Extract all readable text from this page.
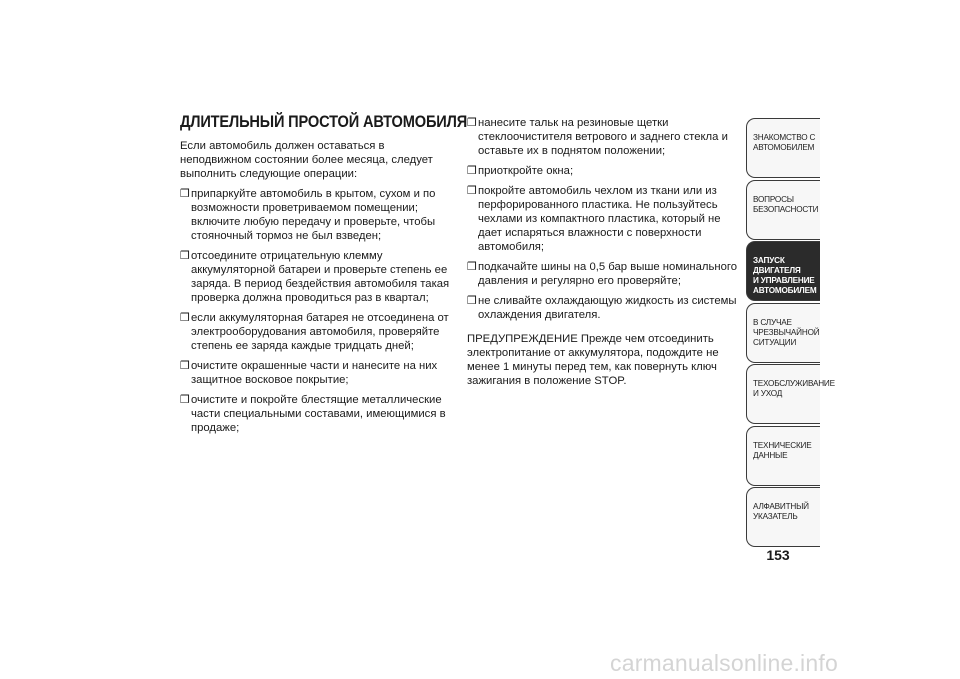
ДЛИТЕЛЬНЫЙ ПРОСТОЙ АВТОМОБИЛЯ

Если автомобиль должен оставаться в неподвижном состоянии более месяца, следует выполнить следующие операции:

❒ припаркуйте автомобиль в крытом, сухом и по возможности проветриваемом помещении; включите любую передачу и проверьте, чтобы стояночный тормоз не был взведен;
❒ отсоедините отрицательную клемму аккумуляторной батареи и проверьте степень ее заряда. В период бездействия автомобиля такая проверка должна проводиться раз в квартал;
❒ если аккумуляторная батарея не отсоединена от электрооборудования автомобиля, проверяйте степень ее заряда каждые тридцать дней;
❒ очистите окрашенные части и нанесите на них защитное восковое покрытие;
❒ очистите и покройте блестящие металлические части специальными составами, имеющимися в продаже;
❒ нанесите тальк на резиновые щетки стеклоочистителя ветрового и заднего стекла и оставьте их в поднятом положении;
❒ приоткройте окна;
❒ покройте автомобиль чехлом из ткани или из перфорированного пластика. Не пользуйтесь чехлами из компактного пластика, который не дает испаряться влажности с поверхности автомобиля;
❒ подкачайте шины на 0,5 бар выше номинального давления и регулярно его проверяйте;
❒ не сливайте охлаждающую жидкость из системы охлаждения двигателя.

ПРЕДУПРЕЖДЕНИЕ Прежде чем отсоединить электропитание от аккумулятора, подождите не менее 1 минуты перед тем, как повернуть ключ зажигания в положение STOP.

ЗНАКОМСТВО С
АВТОМОБИЛЕМ
ВОПРОСЫ
БЕЗОПАСНОСТИ
ЗАПУСК ДВИГАТЕЛЯ
И УПРАВЛЕНИЕ
АВТОМОБИЛЕМ
В СЛУЧАЕ
ЧРЕЗВЫЧАЙНОЙ
СИТУАЦИИ
ТЕХОБСЛУЖИВАНИЕ
И УХОД
ТЕХНИЧЕСКИЕ
ДАННЫЕ
АЛФАВИТНЫЙ
УКАЗАТЕЛЬ
153
carmanualsonline.info
